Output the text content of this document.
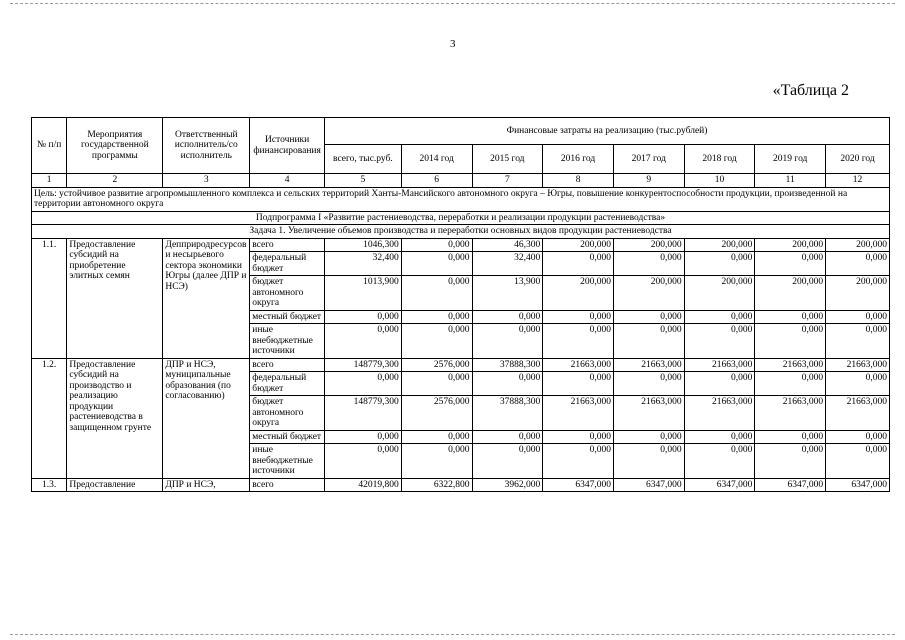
3
«Таблица 2
№ п/п	Мероприятия государственной программы	Ответственный исполнитель/со исполнитель	Источники финансирования	Финансовые затраты на реализацию (тыс.рублей)							
				всего, тыс.руб.	2014 год	2015 год	2016 год	2017 год	2018 год	2019 год	2020 год
1	2	3	4	5	6	7	8	9	10	11	12
Цель: устойчивое развитие агропромышленного комплекса и сельских территорий Ханты-Мансийского автономного округа – Югры, повышение конкурентоспособности продукции, произведенной на территории автономного округа											
Подпрограмма I «Развитие растениеводства, переработки и реализации продукции растениеводства»											
Задача 1. Увеличение объемов производства и переработки основных видов продукции растениеводства											
1.1.	Предоставление субсидий на приобретение элитных семян	Депприродресурсов и несырьевого сектора экономики Югры (далее ДПР и НСЭ)	всего	1046,300	0,000	46,300	200,000	200,000	200,000	200,000	200,000
			федеральный бюджет	32,400	0,000	32,400	0,000	0,000	0,000	0,000	0,000
			бюджет автономного округа	1013,900	0,000	13,900	200,000	200,000	200,000	200,000	200,000
			местный бюджет	0,000	0,000	0,000	0,000	0,000	0,000	0,000	0,000
			иные внебюджетные источники	0,000	0,000	0,000	0,000	0,000	0,000	0,000	0,000
1.2.	Предоставление субсидий на производство и реализацию продукции растениеводства в защищенном грунте	ДПР и НСЭ, муниципальные образования (по согласованию)	всего	148779,300	2576,000	37888,300	21663,000	21663,000	21663,000	21663,000	21663,000
			федеральный бюджет	0,000	0,000	0,000	0,000	0,000	0,000	0,000	0,000
			бюджет автономного округа	148779,300	2576,000	37888,300	21663,000	21663,000	21663,000	21663,000	21663,000
			местный бюджет	0,000	0,000	0,000	0,000	0,000	0,000	0,000	0,000
			иные внебюджетные источники	0,000	0,000	0,000	0,000	0,000	0,000	0,000	0,000
1.3.	Предоставление	ДПР и НСЭ,	всего	42019,800	6322,800	3962,000	6347,000	6347,000	6347,000	6347,000	6347,000
